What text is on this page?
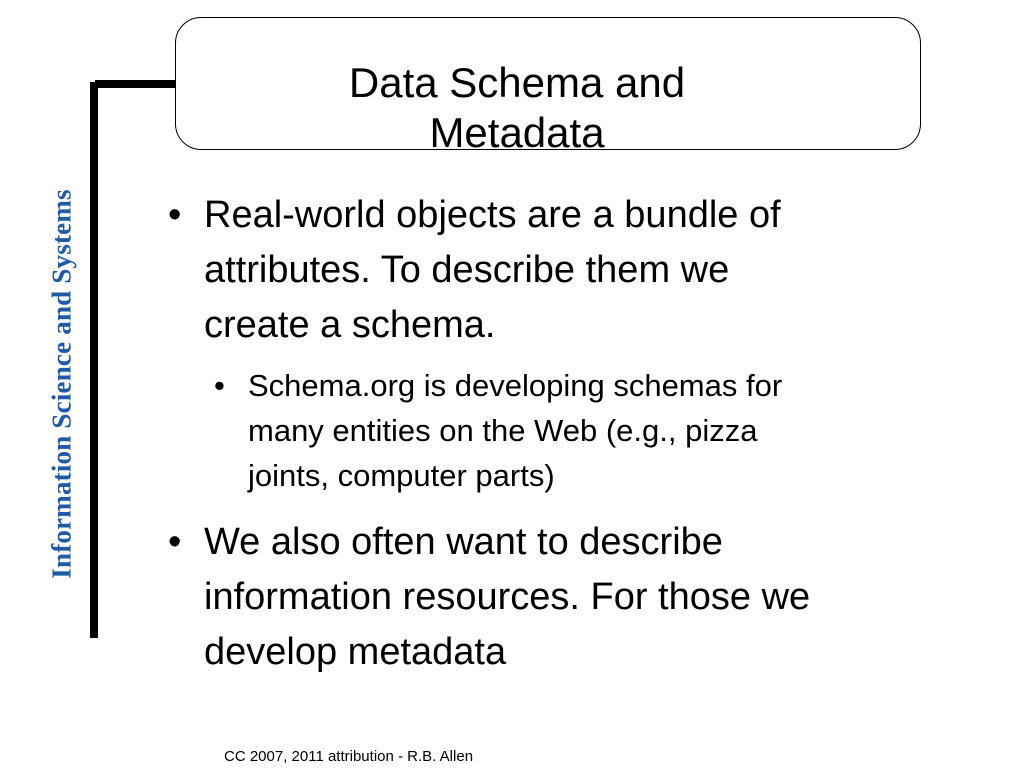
Information Science and Systems
Data Schema and
Metadata
• Real-world objects are a bundle of
attributes. To describe them we
create a schema.
• Schema.org is developing schemas for
many entities on the Web (e.g., pizza
joints, computer parts)
• We also often want to describe
information resources. For those we
develop metadata
CC 2007, 2011 attribution - R.B. Allen
